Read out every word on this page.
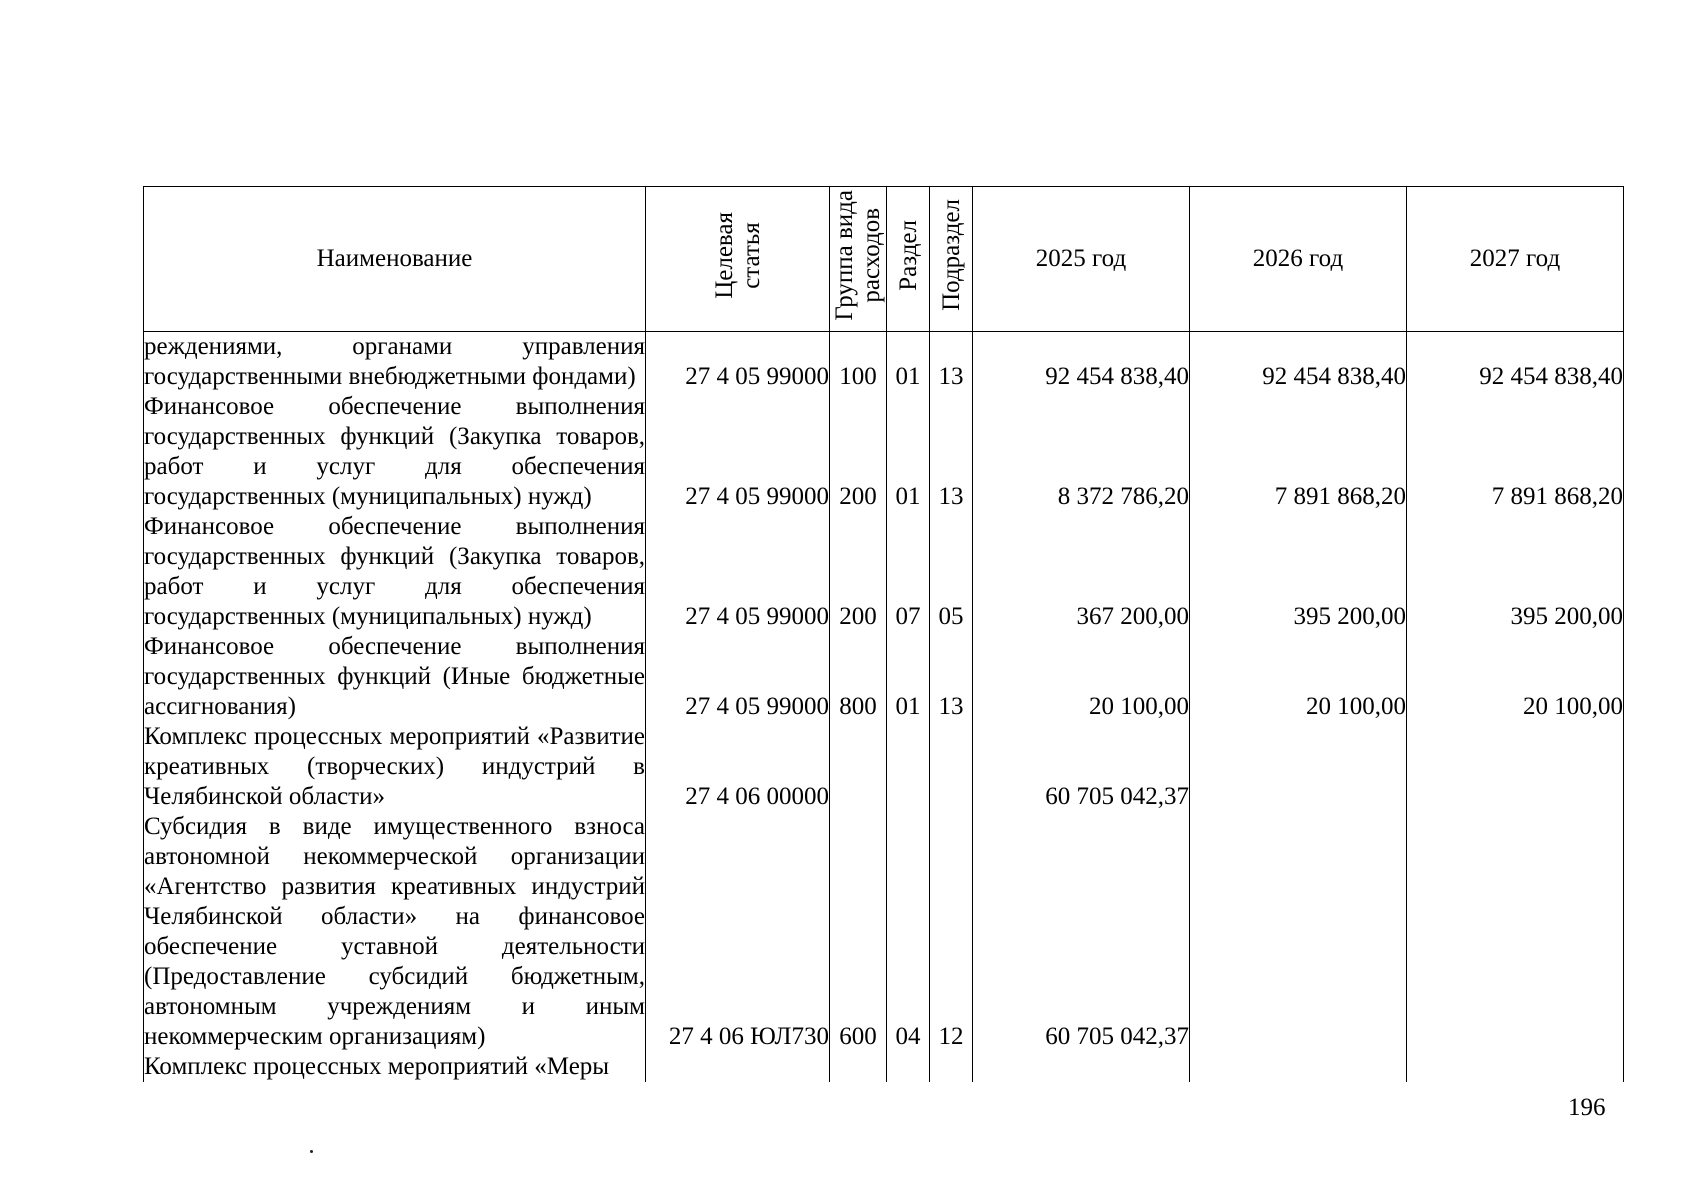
Наименование	Целевая статья	Группа вида расходов	Раздел	Подраздел	2025 год	2026 год	2027 год
реждениями, органами управления государственными внебюджетными фондами)	27 4 05 99000	100	01	13	92 454 838,40	92 454 838,40	92 454 838,40
Финансовое обеспечение выполнения государственных функций (Закупка товаров, работ и услуг для обеспечения государственных (муниципальных) нужд)	27 4 05 99000	200	01	13	8 372 786,20	7 891 868,20	7 891 868,20
Финансовое обеспечение выполнения государственных функций (Закупка товаров, работ и услуг для обеспечения государственных (муниципальных) нужд)	27 4 05 99000	200	07	05	367 200,00	395 200,00	395 200,00
Финансовое обеспечение выполнения государственных функций (Иные бюджетные ассигнования)	27 4 05 99000	800	01	13	20 100,00	20 100,00	20 100,00
Комплекс процессных мероприятий «Развитие креативных (творческих) индустрий в Челябинской области»	27 4 06 00000				60 705 042,37		
Субсидия в виде имущественного взноса автономной некоммерческой организации «Агентство развития креативных индустрий Челябинской области» на финансовое обеспечение уставной деятельности (Предоставление субсидий бюджетным, автономным учреждениям и иным некоммерческим организациям)	27 4 06 ЮЛ730	600	04	12	60 705 042,37		
Комплекс процессных мероприятий «Меры							
196
